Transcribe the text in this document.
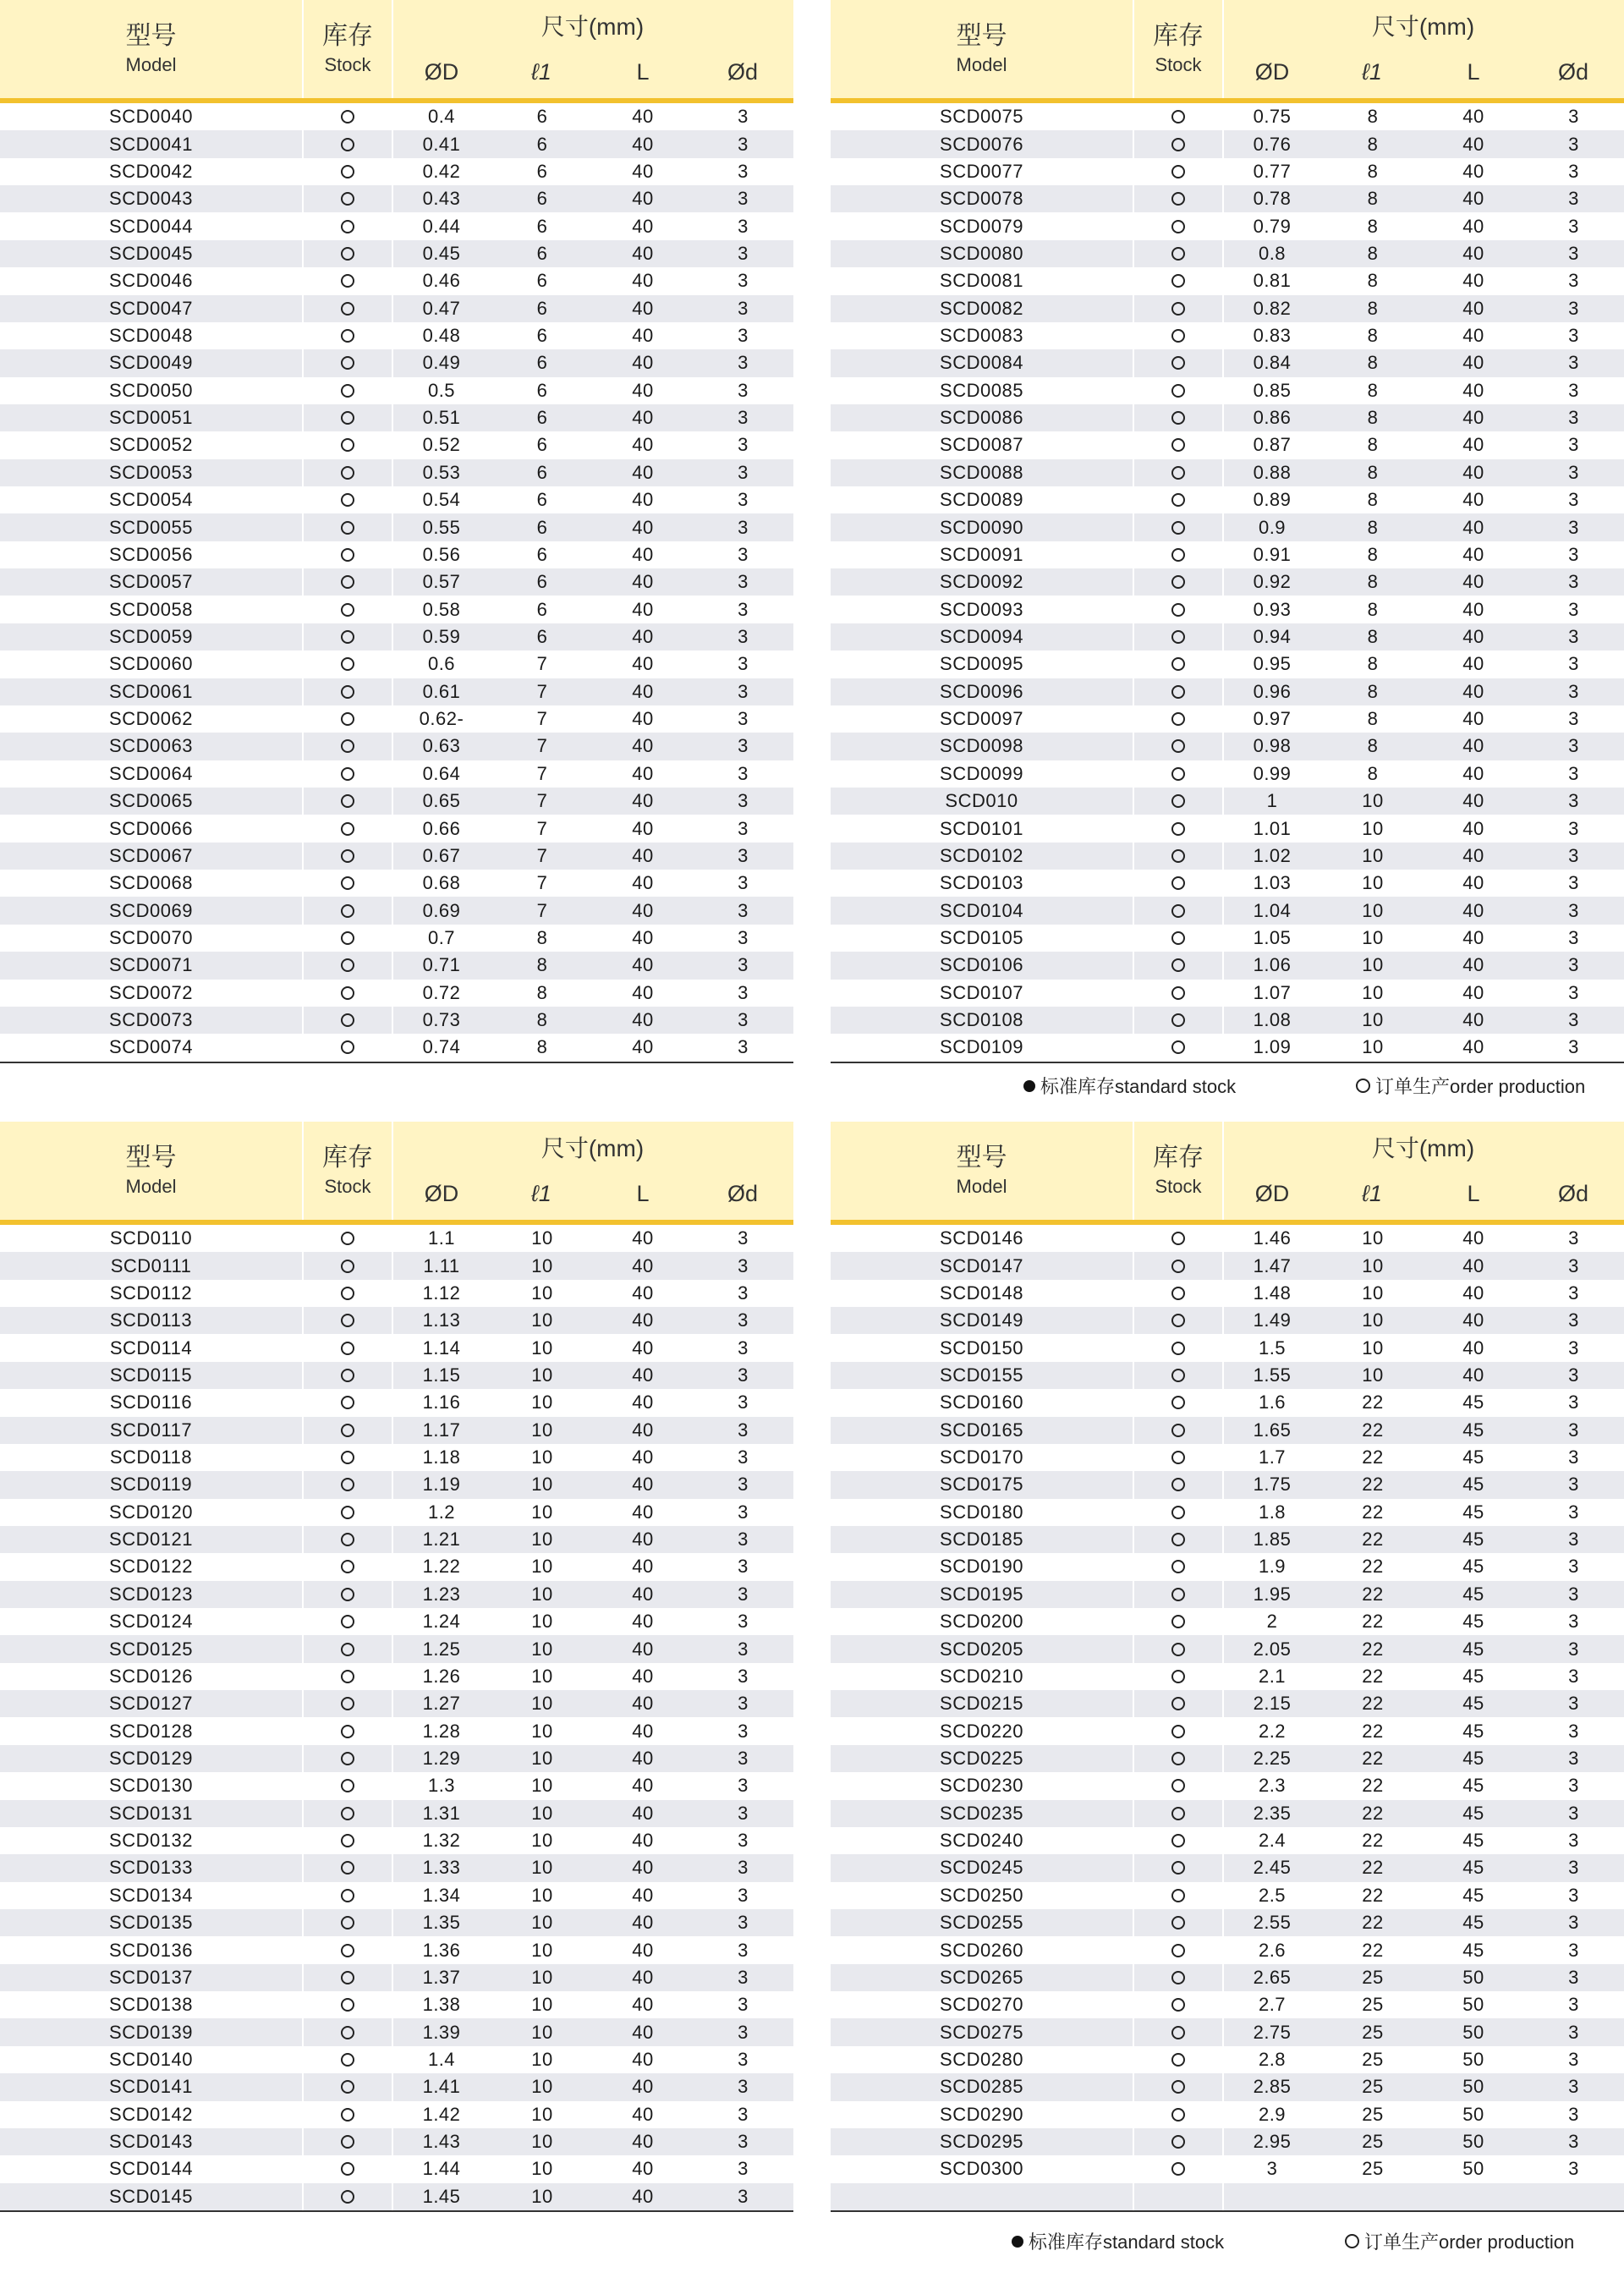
型号
Model
库存
Stock
尺寸(mm)
ØD	ℓ1	L	Ød
SCD0040	0.4	6	40	3
SCD0041	0.41	6	40	3
SCD0042	0.42	6	40	3
SCD0043	0.43	6	40	3
SCD0044	0.44	6	40	3
SCD0045	0.45	6	40	3
SCD0046	0.46	6	40	3
SCD0047	0.47	6	40	3
SCD0048	0.48	6	40	3
SCD0049	0.49	6	40	3
SCD0050	0.5	6	40	3
SCD0051	0.51	6	40	3
SCD0052	0.52	6	40	3
SCD0053	0.53	6	40	3
SCD0054	0.54	6	40	3
SCD0055	0.55	6	40	3
SCD0056	0.56	6	40	3
SCD0057	0.57	6	40	3
SCD0058	0.58	6	40	3
SCD0059	0.59	6	40	3
SCD0060	0.6	7	40	3
SCD0061	0.61	7	40	3
SCD0062	0.62-	7	40	3
SCD0063	0.63	7	40	3
SCD0064	0.64	7	40	3
SCD0065	0.65	7	40	3
SCD0066	0.66	7	40	3
SCD0067	0.67	7	40	3
SCD0068	0.68	7	40	3
SCD0069	0.69	7	40	3
SCD0070	0.7	8	40	3
SCD0071	0.71	8	40	3
SCD0072	0.72	8	40	3
SCD0073	0.73	8	40	3
SCD0074	0.74	8	40	3
型号
Model
库存
Stock
尺寸(mm)
ØD	ℓ1	L	Ød
SCD0075	0.75	8	40	3
SCD0076	0.76	8	40	3
SCD0077	0.77	8	40	3
SCD0078	0.78	8	40	3
SCD0079	0.79	8	40	3
SCD0080	0.8	8	40	3
SCD0081	0.81	8	40	3
SCD0082	0.82	8	40	3
SCD0083	0.83	8	40	3
SCD0084	0.84	8	40	3
SCD0085	0.85	8	40	3
SCD0086	0.86	8	40	3
SCD0087	0.87	8	40	3
SCD0088	0.88	8	40	3
SCD0089	0.89	8	40	3
SCD0090	0.9	8	40	3
SCD0091	0.91	8	40	3
SCD0092	0.92	8	40	3
SCD0093	0.93	8	40	3
SCD0094	0.94	8	40	3
SCD0095	0.95	8	40	3
SCD0096	0.96	8	40	3
SCD0097	0.97	8	40	3
SCD0098	0.98	8	40	3
SCD0099	0.99	8	40	3
SCD010	1	10	40	3
SCD0101	1.01	10	40	3
SCD0102	1.02	10	40	3
SCD0103	1.03	10	40	3
SCD0104	1.04	10	40	3
SCD0105	1.05	10	40	3
SCD0106	1.06	10	40	3
SCD0107	1.07	10	40	3
SCD0108	1.08	10	40	3
SCD0109	1.09	10	40	3
标准库存standard stock	订单生产order production
型号
Model
库存
Stock
尺寸(mm)
ØD	ℓ1	L	Ød
SCD0110	1.1	10	40	3
SCD0111	1.11	10	40	3
SCD0112	1.12	10	40	3
SCD0113	1.13	10	40	3
SCD0114	1.14	10	40	3
SCD0115	1.15	10	40	3
SCD0116	1.16	10	40	3
SCD0117	1.17	10	40	3
SCD0118	1.18	10	40	3
SCD0119	1.19	10	40	3
SCD0120	1.2	10	40	3
SCD0121	1.21	10	40	3
SCD0122	1.22	10	40	3
SCD0123	1.23	10	40	3
SCD0124	1.24	10	40	3
SCD0125	1.25	10	40	3
SCD0126	1.26	10	40	3
SCD0127	1.27	10	40	3
SCD0128	1.28	10	40	3
SCD0129	1.29	10	40	3
SCD0130	1.3	10	40	3
SCD0131	1.31	10	40	3
SCD0132	1.32	10	40	3
SCD0133	1.33	10	40	3
SCD0134	1.34	10	40	3
SCD0135	1.35	10	40	3
SCD0136	1.36	10	40	3
SCD0137	1.37	10	40	3
SCD0138	1.38	10	40	3
SCD0139	1.39	10	40	3
SCD0140	1.4	10	40	3
SCD0141	1.41	10	40	3
SCD0142	1.42	10	40	3
SCD0143	1.43	10	40	3
SCD0144	1.44	10	40	3
SCD0145	1.45	10	40	3
型号
Model
库存
Stock
尺寸(mm)
ØD	ℓ1	L	Ød
SCD0146	1.46	10	40	3
SCD0147	1.47	10	40	3
SCD0148	1.48	10	40	3
SCD0149	1.49	10	40	3
SCD0150	1.5	10	40	3
SCD0155	1.55	10	40	3
SCD0160	1.6	22	45	3
SCD0165	1.65	22	45	3
SCD0170	1.7	22	45	3
SCD0175	1.75	22	45	3
SCD0180	1.8	22	45	3
SCD0185	1.85	22	45	3
SCD0190	1.9	22	45	3
SCD0195	1.95	22	45	3
SCD0200	2	22	45	3
SCD0205	2.05	22	45	3
SCD0210	2.1	22	45	3
SCD0215	2.15	22	45	3
SCD0220	2.2	22	45	3
SCD0225	2.25	22	45	3
SCD0230	2.3	22	45	3
SCD0235	2.35	22	45	3
SCD0240	2.4	22	45	3
SCD0245	2.45	22	45	3
SCD0250	2.5	22	45	3
SCD0255	2.55	22	45	3
SCD0260	2.6	22	45	3
SCD0265	2.65	25	50	3
SCD0270	2.7	25	50	3
SCD0275	2.75	25	50	3
SCD0280	2.8	25	50	3
SCD0285	2.85	25	50	3
SCD0290	2.9	25	50	3
SCD0295	2.95	25	50	3
SCD0300	3	25	50	3
标准库存standard stock	订单生产order production
